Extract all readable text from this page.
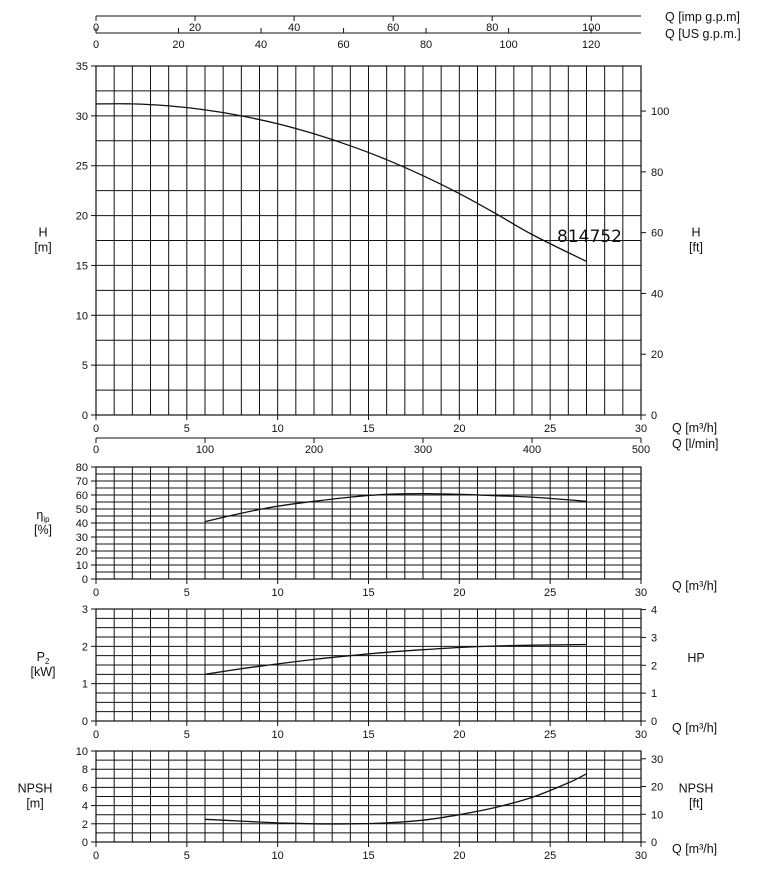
814752
0
5
10
15
20
25
30
35
0
20
40
60
80
100
0	5	10	15	20	25	30
0	100	200	300	400	500
0	20	40	60	80	100
Q [imp g.p.m]
0	20	40	60	80	100	120
Q [US g.p.m.]
Q [m³/h]
Q [l/min]
H
[m]
H
[ft]
0
10
20
30
40
50
60
70
80
0	5	10	15	20	25	30 Q [m³/h]
$\eta_{ip}$
[%]
0
1
2
3
0
1
2
3
4
0	5	10	15	20	25	30 Q [m³/h]
$P_2$
[kW]
HP
0
2
4
6
8
10
0
10
20
30
0	5	10	15	20	25	30 Q [m³/h]
NPSH
[m]
NPSH
[ft]
